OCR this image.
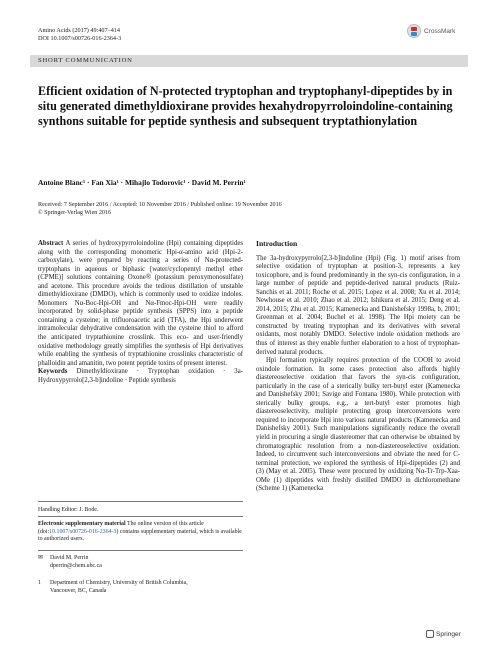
Amino Acids (2017) 49:407–414
DOI 10.1007/s00726-016-2364-3
CrossMark
SHORT COMMUNICATION
Efficient oxidation of N-protected tryptophan and tryptophanyl-dipeptides by in situ generated dimethyldioxirane provides hexahydropyrroloindoline-containing synthons suitable for peptide synthesis and subsequent tryptathionylation
Antoine Blanc¹ · Fan Xia¹ · Mihajlo Todorovic¹ · David M. Perrin¹
Received: 7 September 2016 / Accepted: 10 November 2016 / Published online: 19 November 2016
© Springer-Verlag Wien 2016

Abstract A series of hydroxypyrroloindoline (Hpi) containing dipeptides along with the corresponding monomeric Hpi-α-amino acid (Hpi-2-carboxylate), were prepared by reacting a series of Nα-protected-tryptophans in aqueous or biphasic [water/cyclopentyl methyl ether (CPME)] solutions containing Oxone® (potassium peroxymonosulfate) and acetone. This procedure avoids the tedious distillation of unstable dimethyldioxirane (DMDO), which is commonly used to oxidize indoles. Monomers Nα-Boc-Hpi-OH and Nα-Fmoc-Hpi-OH were readily incorporated by solid-phase peptide synthesis (SPPS) into a peptide containing a cysteine; in trifluoroacetic acid (TFA), the Hpi underwent intramolecular dehydrative condensation with the cysteine thiol to afford the anticipated tryptathionine crosslink. This eco- and user-friendly oxidative methodology greatly simplifies the synthesis of Hpi derivatives while enabling the synthesis of tryptathionine crosslinks characteristic of phalloidin and amanitin, two potent peptide toxins of present interest.

Keywords Dimethyldioxirane · Tryptophan oxidation · 3a-Hydroxypyrrolo[2,3-b]indoline · Peptide synthesis

Handling Editor: J. Bode.
Electronic supplementary material The online version of this article (doi:10.1007/s00726-016-2364-3) contains supplementary material, which is available to authorized users.
✉ David M. Perrin
dperrin@chem.ubc.ca
1 Department of Chemistry, University of British Columbia,
Vancouver, BC, Canada
Introduction

The 3a-hydroxypyrrolo[2,3-b]indoline (Hpi) (Fig. 1) motif arises from selective oxidation of tryptophan at position-3, represents a key toxicophore, and is found predominantly in the syn-cis configuration, in a large number of peptide and peptide-derived natural products (Ruiz-Sanchis et al. 2011; Roche et al. 2015; Lopez et al. 2008; Xu et al. 2014; Newhouse et al. 2010; Zhao et al. 2012; Ishikura et al. 2015; Deng et al. 2014, 2015; Zhu et al. 2015; Kamenecka and Danishefsky 1998a, b, 2001; Greenman et al. 2004; Buchel et al. 1998). The Hpi moiety can be constructed by treating tryptophan and its derivatives with several oxidants, most notably DMDO. Selective indole oxidation methods are thus of interest as they enable further elaboration to a host of tryptophan-derived natural products.

Hpi formation typically requires protection of the COOH to avoid oxindole formation. In some cases protection also affords highly diastereoselective oxidation that favors the syn-cis configuration, particularly in the case of a sterically bulky tert-butyl ester (Kamenecka and Danishefsky 2001; Savige and Fontana 1980). While protection with sterically bulky groups, e.g., a tert-butyl ester promotes high diastereoselectivity, multiple protecting group interconversions were required to incorporate Hpi into various natural products (Kamenecka and Danishefsky 2001). Such manipulations significantly reduce the overall yield in procuring a single diastereomer that can otherwise be obtained by chromatographic resolution from a non-diastereoselective oxidation. Indeed, to circumvent such interconversions and obviate the need for C-terminal protection, we explored the synthesis of Hpi-dipeptides (2) and (3) (May et al. 2005). These were procured by oxidizing Nα-Tr-Trp-Xaa-OMe (1) dipeptides with freshly distilled DMDO in dichloromethane (Scheme 1) (Kamenecka

Springer
